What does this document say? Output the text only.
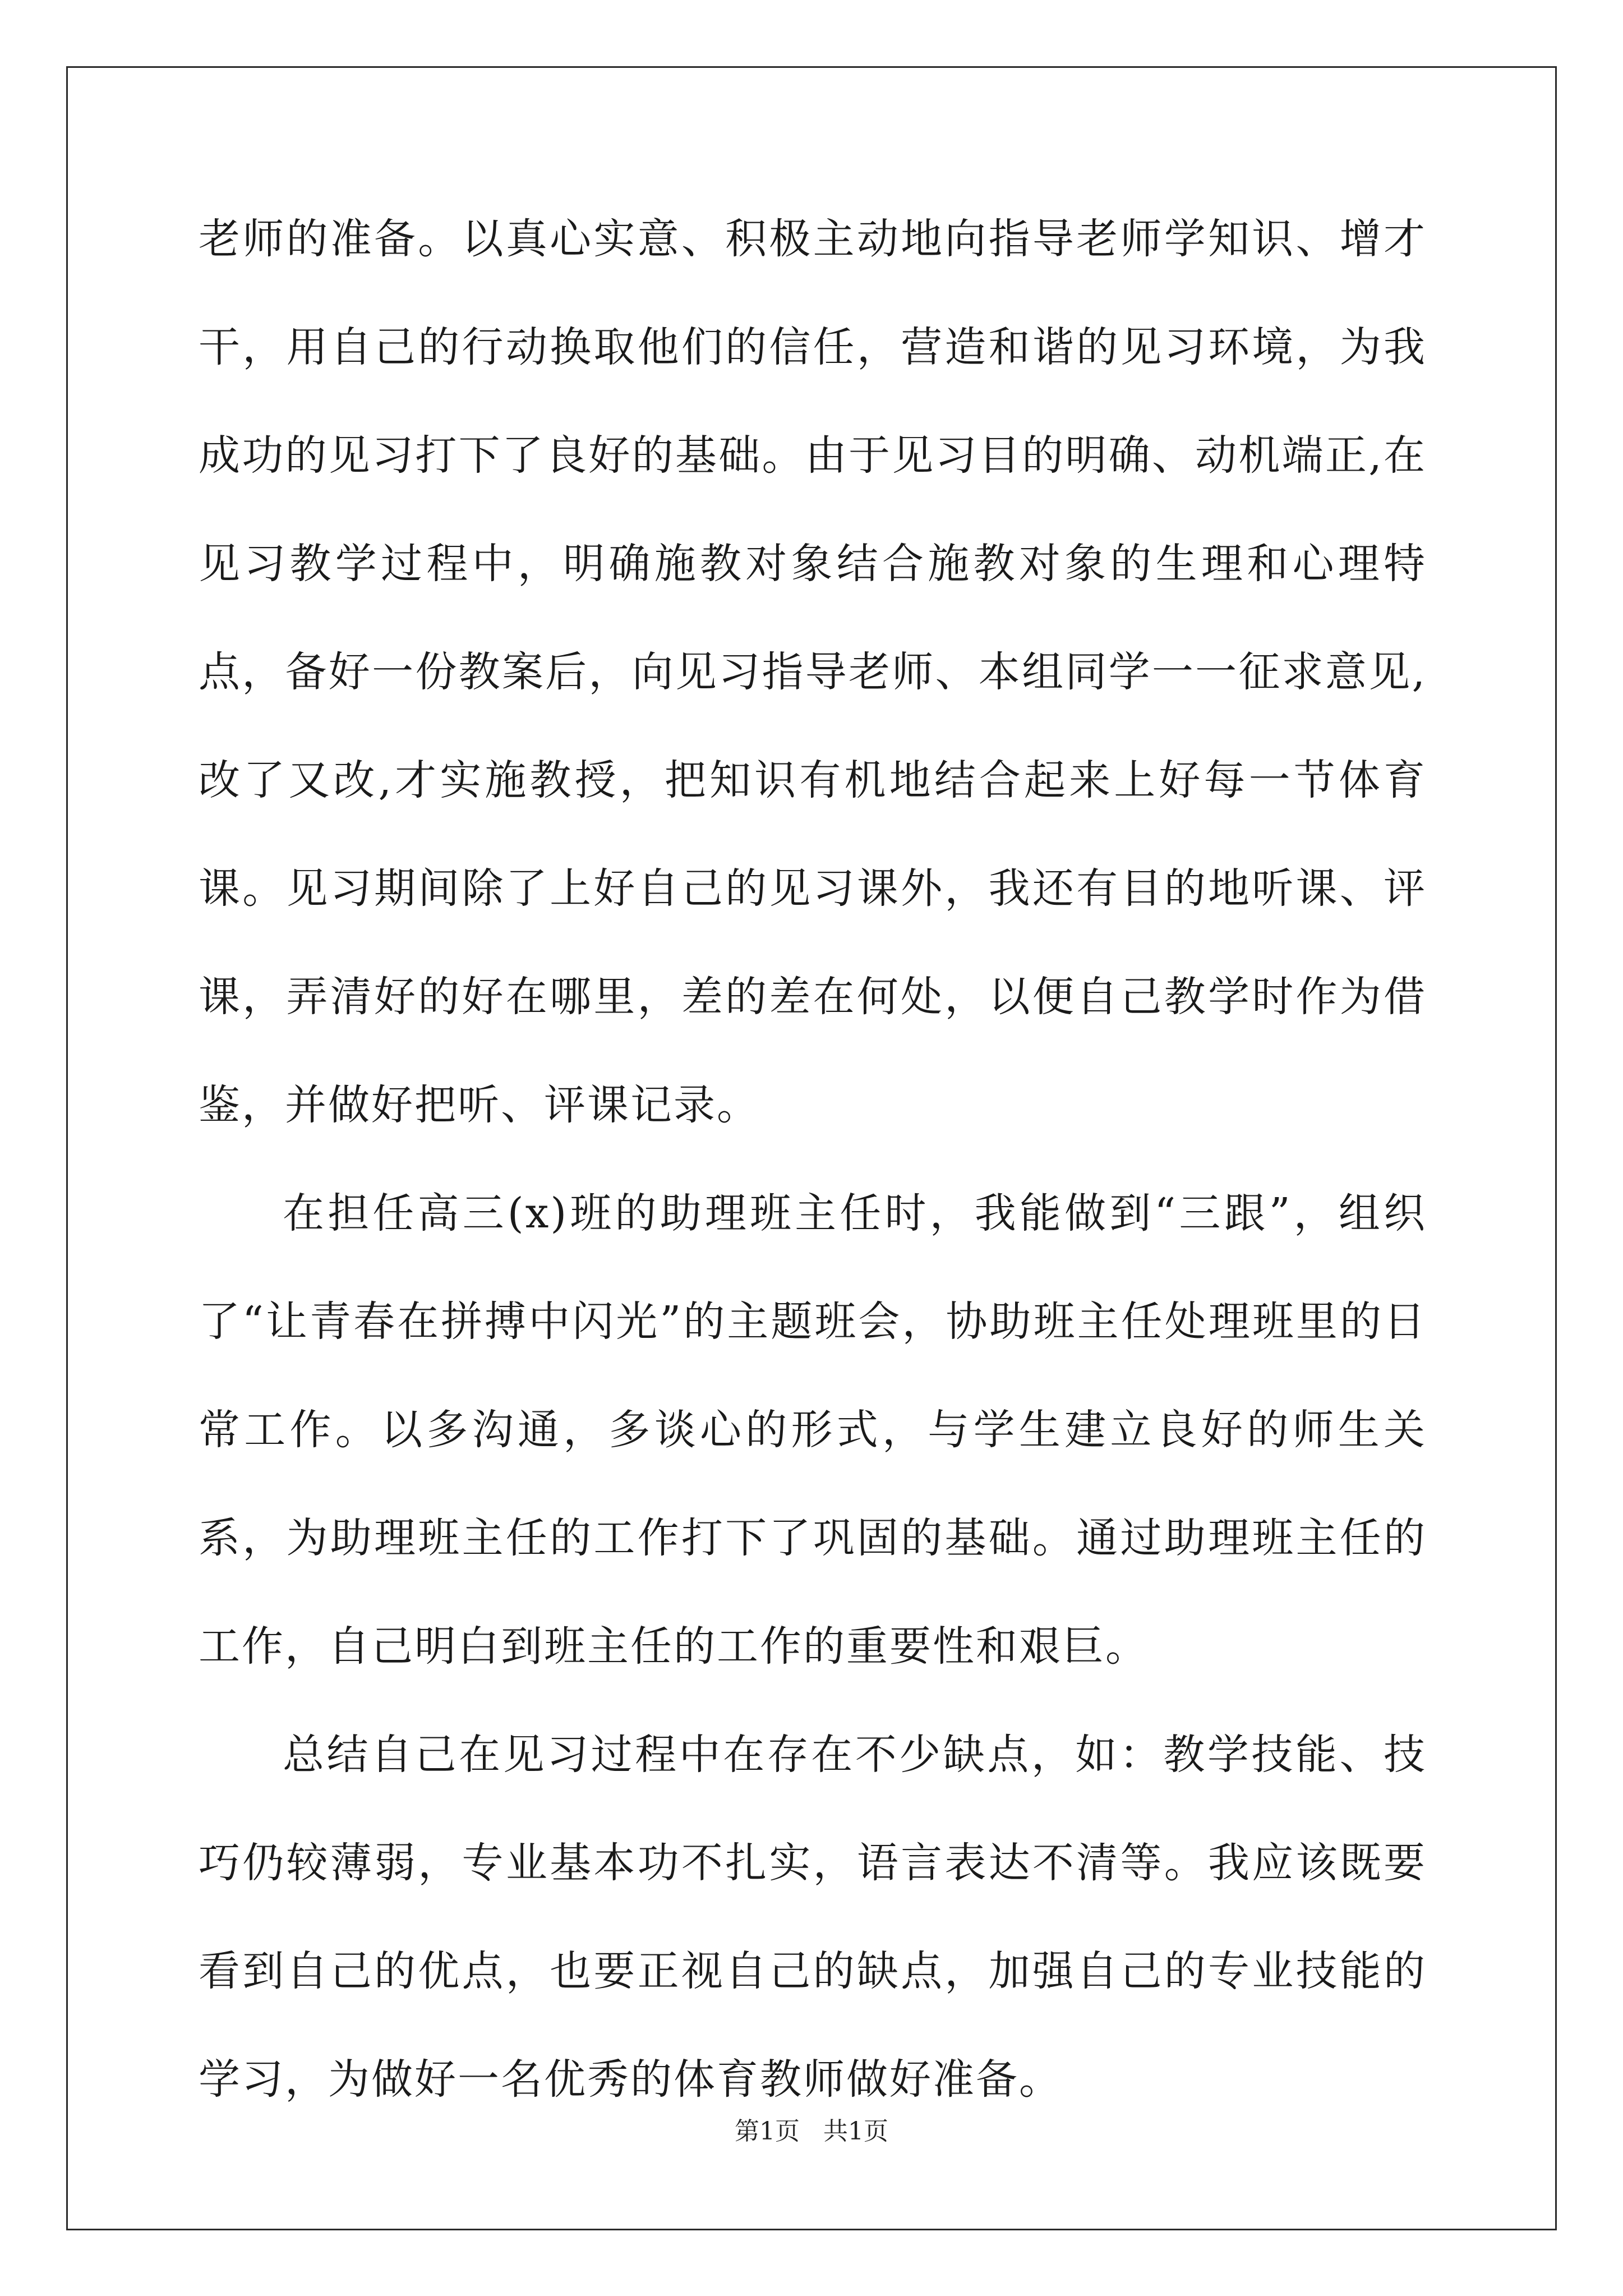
老师的准备。以真心实意、积极主动地向指导老师学知识、增才干，用自己的行动换取他们的信任，营造和谐的见习环境，为我成功的见习打下了良好的基础。由于见习目的明确、动机端正,在见习教学过程中，明确施教对象结合施教对象的生理和心理特点，备好一份教案后，向见习指导老师、本组同学一一征求意见,改了又改,才实施教授，把知识有机地结合起来上好每一节体育课。见习期间除了上好自己的见习课外，我还有目的地听课、评课，弄清好的好在哪里，差的差在何处，以便自己教学时作为借鉴，并做好把听、评课记录。

在担任高三(x)班的助理班主任时，我能做到“三跟”，组织了“让青春在拼搏中闪光”的主题班会，协助班主任处理班里的日常工作。以多沟通，多谈心的形式，与学生建立良好的师生关系，为助理班主任的工作打下了巩固的基础。通过助理班主任的工作，自己明白到班主任的工作的重要性和艰巨。

总结自己在见习过程中在存在不少缺点，如：教学技能、技巧仍较薄弱，专业基本功不扎实，语言表达不清等。我应该既要看到自己的优点，也要正视自己的缺点，加强自己的专业技能的学习，为做好一名优秀的体育教师做好准备。

第1页 共1页
